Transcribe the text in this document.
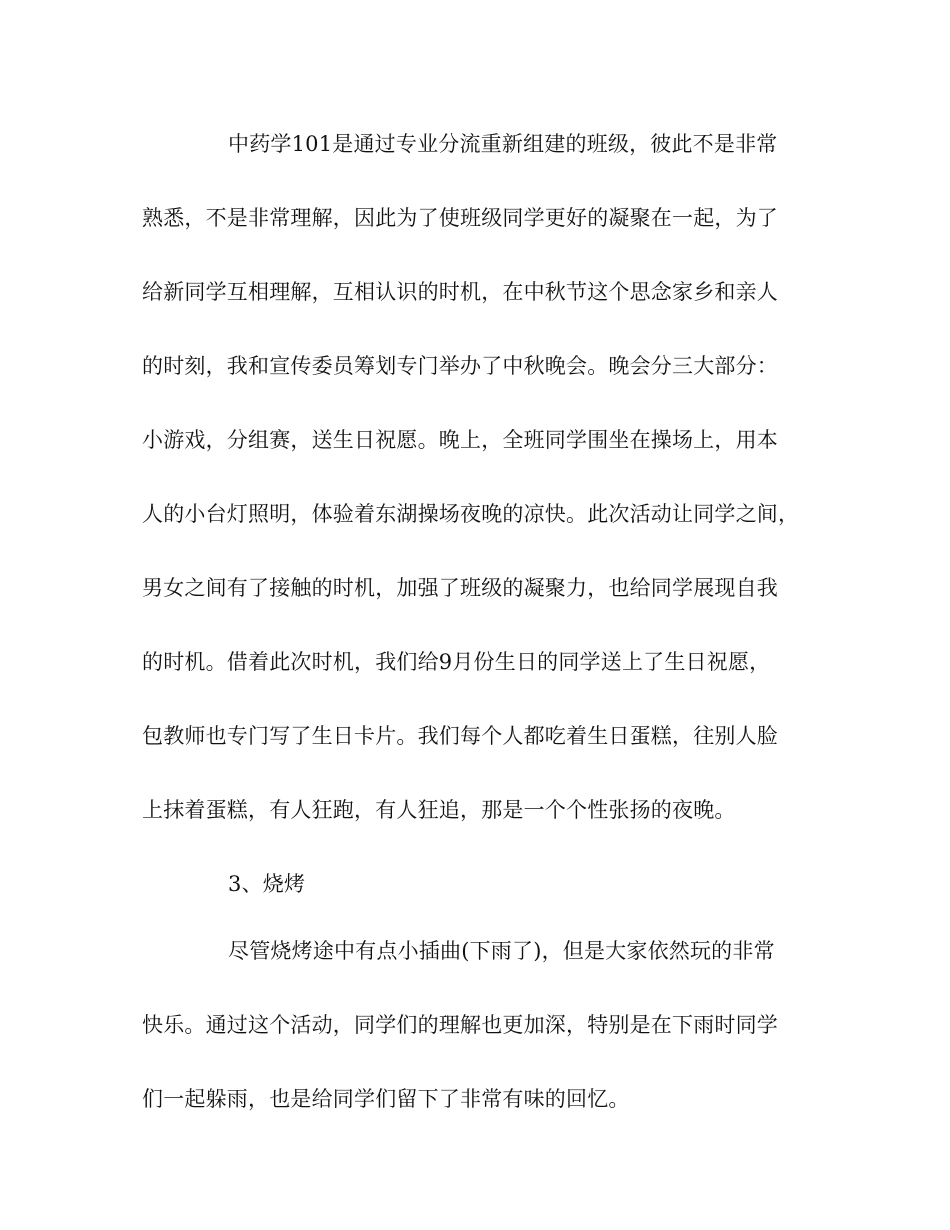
中药学101是通过专业分流重新组建的班级，彼此不是非常
熟悉，不是非常理解，因此为了使班级同学更好的凝聚在一起，为了
给新同学互相理解，互相认识的时机，在中秋节这个思念家乡和亲人
的时刻，我和宣传委员筹划专门举办了中秋晚会。晚会分三大部分：
小游戏，分组赛，送生日祝愿。晚上，全班同学围坐在操场上，用本
人的小台灯照明，体验着东湖操场夜晚的凉快。此次活动让同学之间，
男女之间有了接触的时机，加强了班级的凝聚力，也给同学展现自我
的时机。借着此次时机，我们给9月份生日的同学送上了生日祝愿，
包教师也专门写了生日卡片。我们每个人都吃着生日蛋糕，往别人脸
上抹着蛋糕，有人狂跑，有人狂追，那是一个个性张扬的夜晚。
3、烧烤
尽管烧烤途中有点小插曲(下雨了)，但是大家依然玩的非常
快乐。通过这个活动，同学们的理解也更加深，特别是在下雨时同学
们一起躲雨，也是给同学们留下了非常有味的回忆。
